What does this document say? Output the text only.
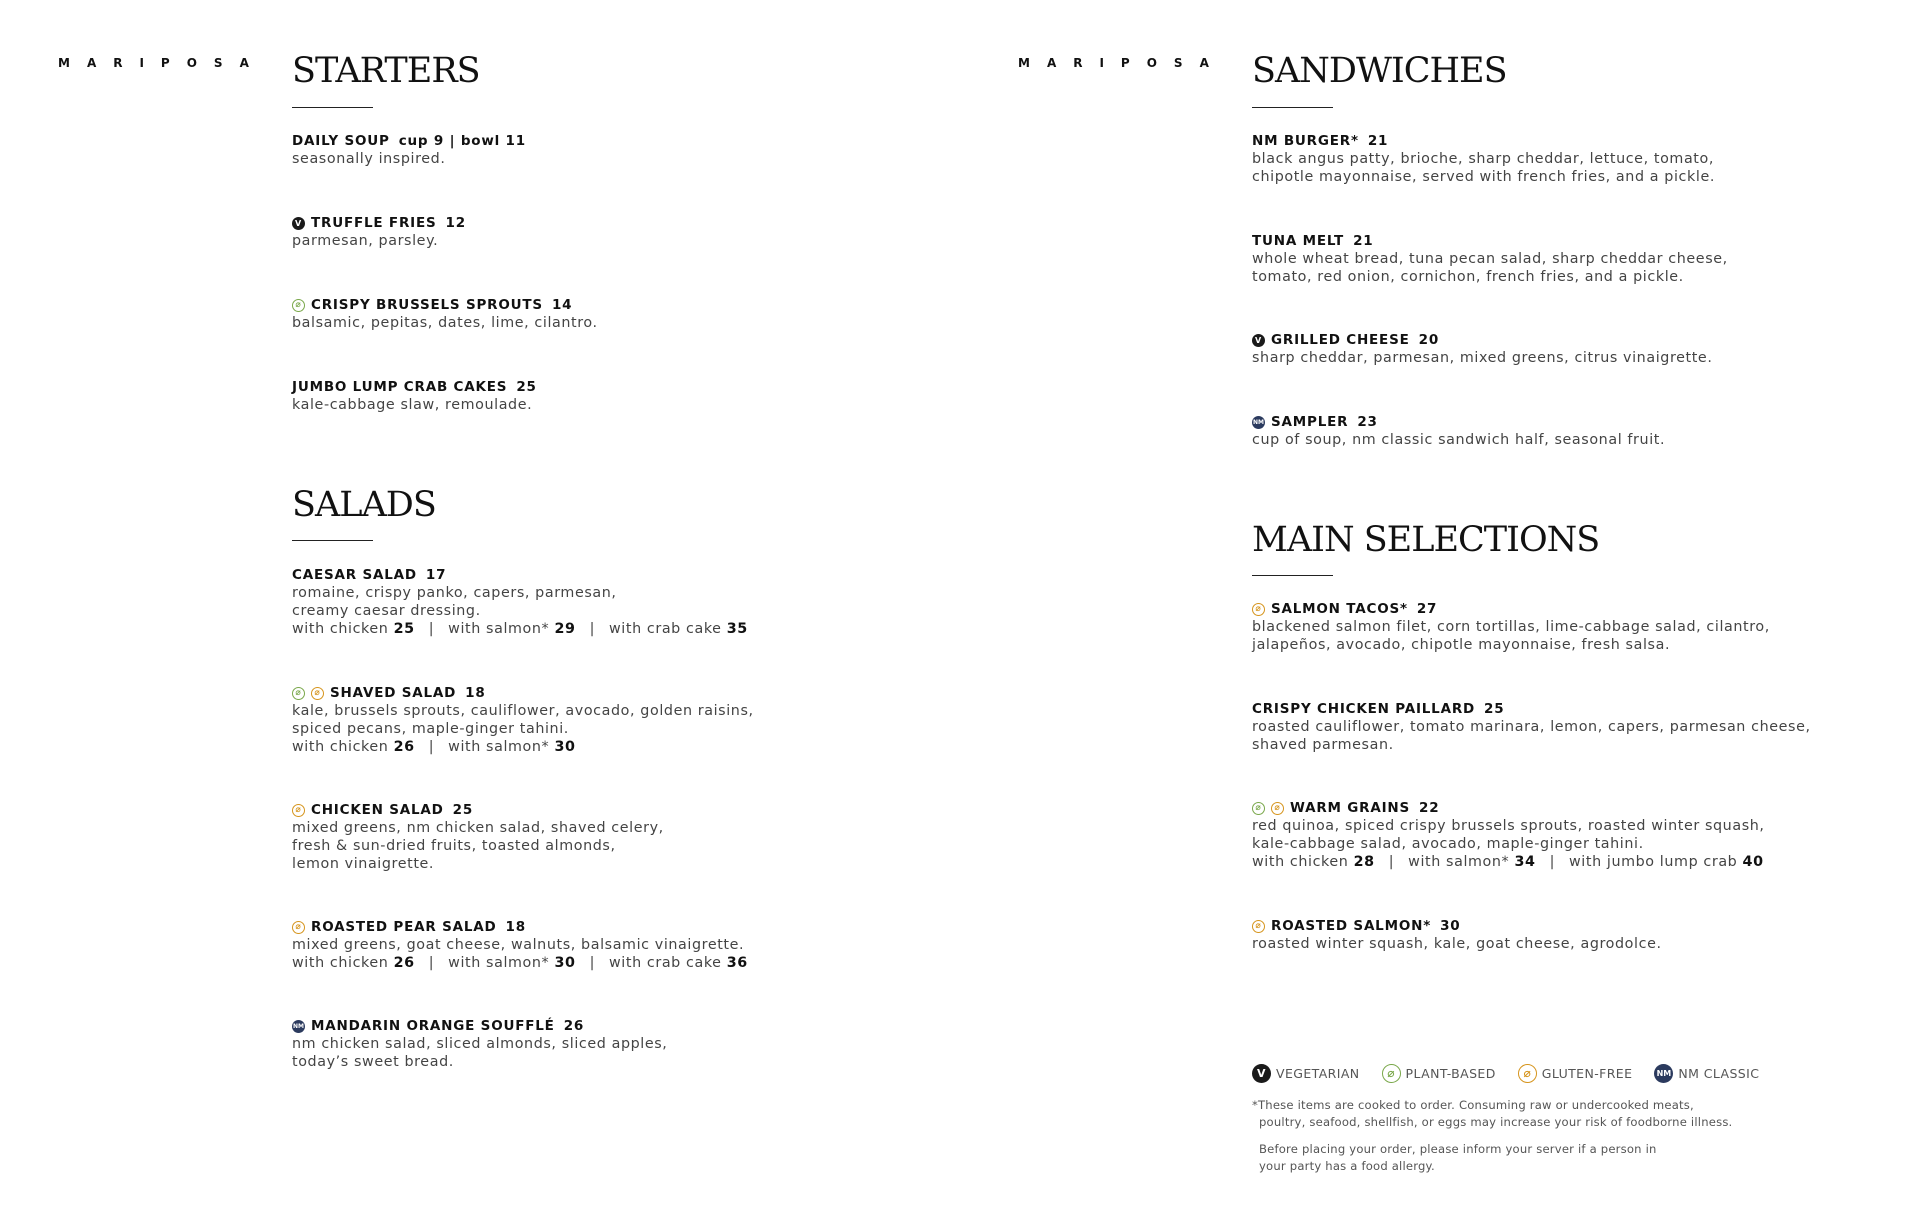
MARIPOSA STARTERS
DAILY SOUP cup 9 | bowl 11
seasonally inspired.
V TRUFFLE FRIES 12
parmesan, parsley.
⌀ CRISPY BRUSSELS SPROUTS 14
balsamic, pepitas, dates, lime, cilantro.
JUMBO LUMP CRAB CAKES 25
kale-cabbage slaw, remoulade.
SALADS
CAESAR SALAD 17
romaine, crispy panko, capers, parmesan,
creamy caesar dressing.
with chicken 25 | with salmon* 29 | with crab cake 35
⌀	⌀ SHAVED SALAD 18
kale, brussels sprouts, cauliflower, avocado, golden raisins,
spiced pecans, maple-ginger tahini.
with chicken 26 | with salmon* 30
⌀ CHICKEN SALAD 25
mixed greens, nm chicken salad, shaved celery,
fresh & sun-dried fruits, toasted almonds,
lemon vinaigrette.
⌀ ROASTED PEAR SALAD 18
mixed greens, goat cheese, walnuts, balsamic vinaigrette.
with chicken 26 | with salmon* 30 | with crab cake 36
NM MANDARIN ORANGE SOUFFLÉ 26
nm chicken salad, sliced almonds, sliced apples,
today’s sweet bread.
MARIPOSA SANDWICHES
NM BURGER* 21
black angus patty, brioche, sharp cheddar, lettuce, tomato,
chipotle mayonnaise, served with french fries, and a pickle.
TUNA MELT 21
whole wheat bread, tuna pecan salad, sharp cheddar cheese,
tomato, red onion, cornichon, french fries, and a pickle.
V GRILLED CHEESE 20
sharp cheddar, parmesan, mixed greens, citrus vinaigrette.
NM SAMPLER 23
cup of soup, nm classic sandwich half, seasonal fruit.
MAIN SELECTIONS
⌀ SALMON TACOS* 27
blackened salmon filet, corn tortillas, lime-cabbage salad, cilantro,
jalapeños, avocado, chipotle mayonnaise, fresh salsa.
CRISPY CHICKEN PAILLARD 25
roasted cauliflower, tomato marinara, lemon, capers, parmesan cheese,
shaved parmesan.
⌀	⌀ WARM GRAINS 22
red quinoa, spiced crispy brussels sprouts, roasted winter squash,
kale-cabbage salad, avocado, maple-ginger tahini.
with chicken 28 | with salmon* 34 | with jumbo lump crab 40
⌀ ROASTED SALMON* 30
roasted winter squash, kale, goat cheese, agrodolce.
V VEGETARIAN	⌀ PLANT-BASED	⌀ GLUTEN-FREE	NM NM CLASSIC
*These items are cooked to order. Consuming raw or undercooked meats,
poultry, seafood, shellfish, or eggs may increase your risk of foodborne illness.
Before placing your order, please inform your server if a person in
your party has a food allergy.
